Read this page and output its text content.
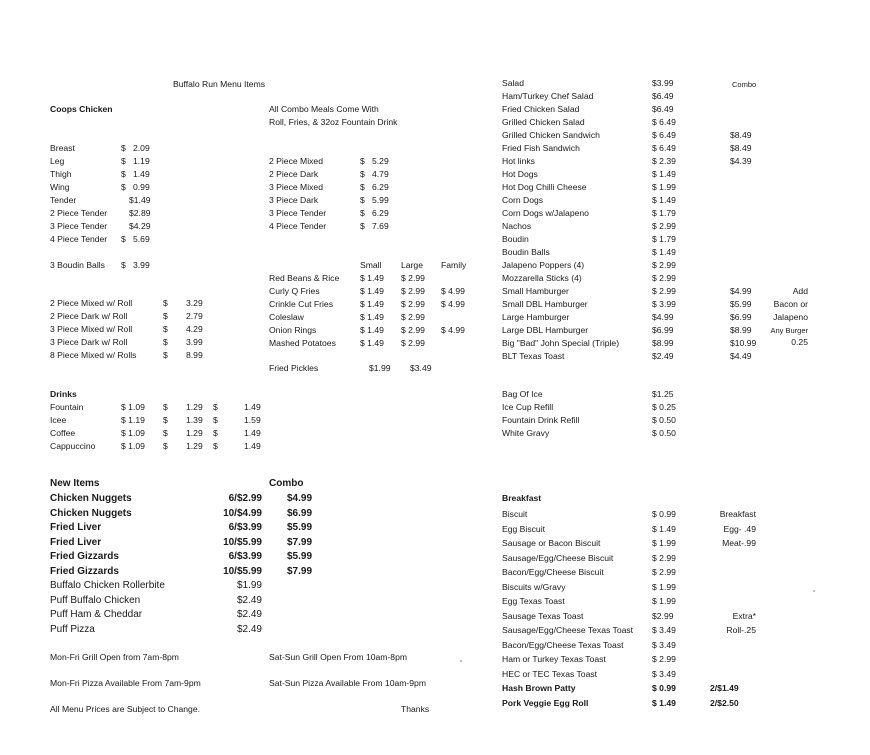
Buffalo Run Menu Items
Coops Chicken
Breast	$ 2.09
Leg	$ 1.19
Thigh	$ 1.49
Wing	$ 0.99
Tender	$1.49
2 Piece Tender	$2.89
3 Piece Tender	$4.29
4 Piece Tender $ 5.69
3 Boudin Balls $ 3.99
All Combo Meals Come With
Roll, Fries, & 32oz Fountain Drink
2 Piece Mixed	$ 5.29
2 Piece Dark	$ 4.79
3 Piece Mixed	$ 6.29
3 Piece Dark	$ 5.99
3 Piece Tender	$ 6.29
4 Piece Tender	$ 7.69
2 Piece Mixed w/ Roll	$ 3.29
2 Piece Dark w/ Roll	$ 2.79
3 Piece Mixed w/ Roll	$ 4.29
3 Piece Dark w/ Roll	$ 3.99
8 Piece Mixed w/ Rolls	$ 8.99
Small Large Family
Red Beans & Rice $ 1.49 $ 2.99
Curly Q Fries	$ 1.49 $ 2.99 $ 4.99
Crinkle Cut Fries	$ 1.49 $ 2.99 $ 4.99
Coleslaw	$ 1.49 $ 2.99
Onion Rings	$ 1.49 $ 2.99 $ 4.99
Mashed Potatoes	$ 1.49 $ 2.99
Fried Pickles	$1.99 $3.49
Drinks
Fountain	$ 1.09 $ 1.29 $	1.49
Icee	$ 1.19 $ 1.39 $	1.59
Coffee	$ 1.09 $ 1.29 $	1.49
Cappuccino	$ 1.09 $ 1.29 $	1.49
New Items	Combo
Chicken Nuggets	6/$2.99	$4.99
Chicken Nuggets	10/$4.99	$6.99
Fried Liver	6/$3.99	$5.99
Fried Liver	10/$5.99	$7.99
Fried Gizzards	6/$3.99	$5.99
Fried Gizzards	10/$5.99	$7.99
Buffalo Chicken Rollerbite	$1.99
Puff Buffalo Chicken	$2.49
Puff Ham & Cheddar	$2.49
Puff Pizza	$2.49
Mon-Fri Grill Open from 7am-8pm	Sat-Sun Grill Open From 10am-8pm
Mon-Fri Pizza Available From 7am-9pm	Sat-Sun Pizza Available From 10am-9pm
All Menu Prices are Subject to Change.	Thanks
Combo
Salad	$3.99
Ham/Turkey Chef Salad	$6.49
Fried Chicken Salad	$6.49
Grilled Chicken Salad	$ 6.49
Grilled Chicken Sandwich	$ 6.49	$8.49
Fried Fish Sandwich	$ 6.49	$8.49
Hot links	$ 2.39	$4.39
Hot Dogs	$ 1.49
Hot Dog Chilli Cheese	$ 1.99
Corn Dogs	$ 1.49
Corn Dogs w/Jalapeno	$ 1.79
Nachos	$ 2.99
Boudin	$ 1.79
Boudin Balls	$ 1.49
Jalapeno Poppers (4)	$ 2.99
Mozzarella Sticks (4)	$ 2.99
Small Hamburger	$ 2.99	$4.99
Small DBL Hamburger	$ 3.99	$5.99
Large Hamburger	$4.99	$6.99
Large DBL Hamburger	$6.99	$8.99
Big "Bad" John Special (Triple)	$8.99	$10.99
BLT Texas Toast	$2.49	$4.49
Add
Bacon or
Jalapeno
Any Burger
0.25
Bag Of Ice	$1.25
Ice Cup Refill	$ 0.25
Fountain Drink Refill	$ 0.50
White Gravy	$ 0.50
Breakfast
Biscuit	$ 0.99	Breakfast
Egg Biscuit	$ 1.49	Egg- .49
Sausage or Bacon Biscuit	$ 1.99	Meat-.99
Sausage/Egg/Cheese Biscuit	$ 2.99
Bacon/Egg/Cheese Biscuit	$ 2.99
Biscuits w/Gravy	$ 1.99
Egg Texas Toast	$ 1.99
Sausage Texas Toast	$2.99	Extra*
Sausage/Egg/Cheese Texas Toast $ 3.49	Roll-.25
Bacon/Egg/Cheese Texas Toast	$ 3.49
Ham or Turkey Texas Toast	$ 2.99
HEC or TEC Texas Toast	$ 3.49
Hash Brown Patty	$ 0.99	2/$1.49
Pork Veggie Egg Roll	$ 1.49	2/$2.50
